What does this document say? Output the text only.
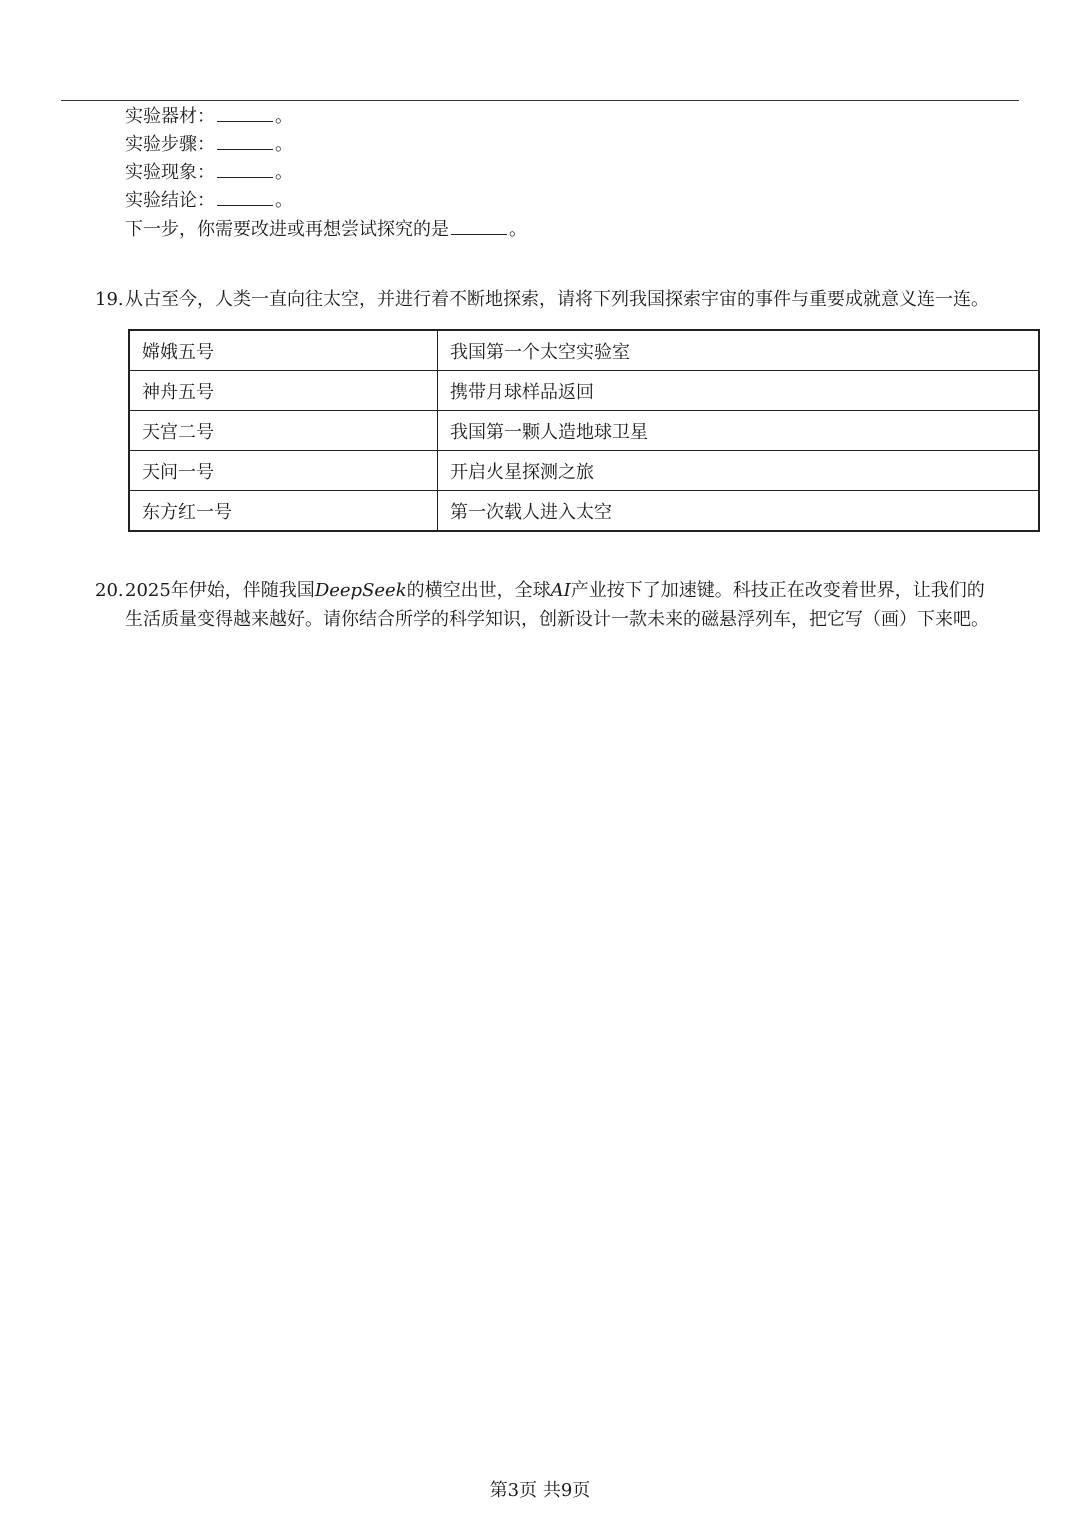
实验器材：	。
实验步骤：	。
实验现象：	。
实验结论：	。
下一步，你需要改进或再想尝试探究的是	。
19. 从古至今，人类一直向往太空，并进行着不断地探索，请将下列我国探索宇宙的事件与重要成就意义连一连。
嫦娥五号	我国第一个太空实验室
神舟五号	携带月球样品返回
天宫二号	我国第一颗人造地球卫星
天问一号	开启火星探测之旅
东方红一号	第一次载人进入太空
20. 2025年伊始，伴随我国DeepSeek的横空出世，全球AI产业按下了加速键。科技正在改变着世界，让我们的
生活质量变得越来越好。请你结合所学的科学知识，创新设计一款未来的磁悬浮列车，把它写（画）下来吧。
第3页 共9页
